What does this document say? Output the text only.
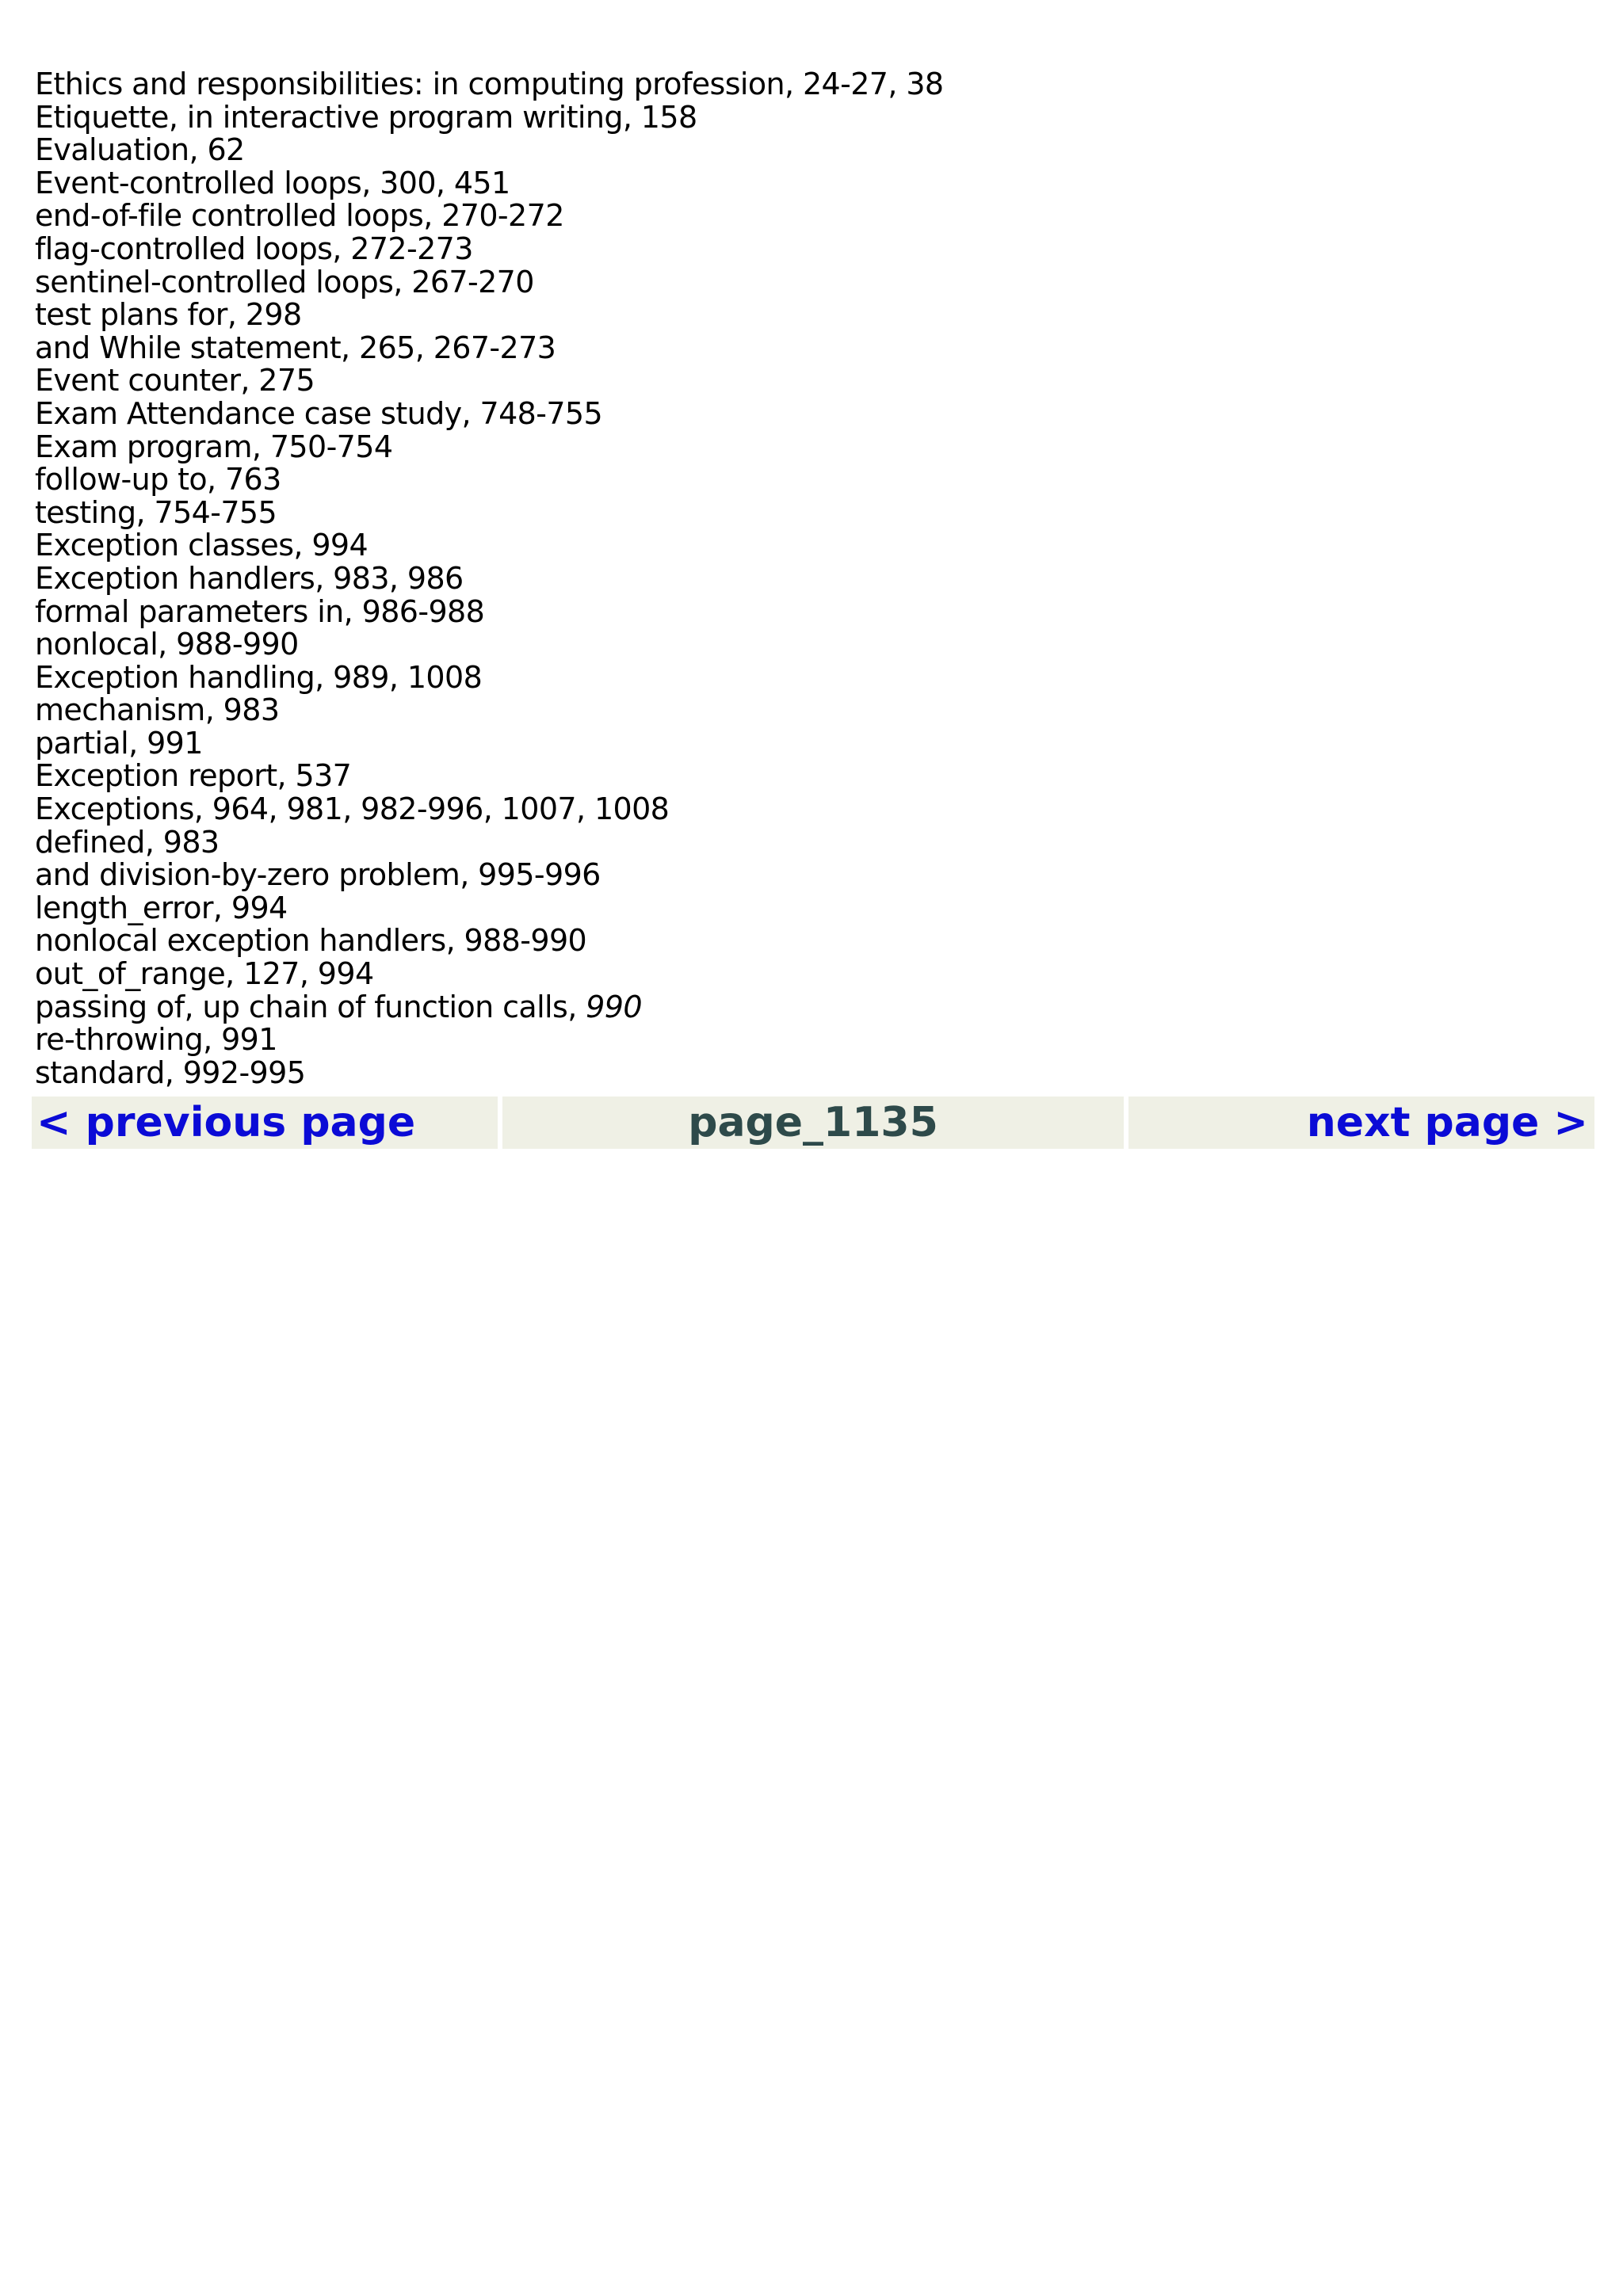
Ethics and responsibilities: in computing profession, 24-27, 38
Etiquette, in interactive program writing, 158
Evaluation, 62
Event-controlled loops, 300, 451
end-of-file controlled loops, 270-272
flag-controlled loops, 272-273
sentinel-controlled loops, 267-270
test plans for, 298
and While statement, 265, 267-273
Event counter, 275
Exam Attendance case study, 748-755
Exam program, 750-754
follow-up to, 763
testing, 754-755
Exception classes, 994
Exception handlers, 983, 986
formal parameters in, 986-988
nonlocal, 988-990
Exception handling, 989, 1008
mechanism, 983
partial, 991
Exception report, 537
Exceptions, 964, 981, 982-996, 1007, 1008
defined, 983
and division-by-zero problem, 995-996
length_error, 994
nonlocal exception handlers, 988-990
out_of_range, 127, 994
passing of, up chain of function calls, 990
re-throwing, 991
standard, 992-995
< previous page	page_1135	next page >
